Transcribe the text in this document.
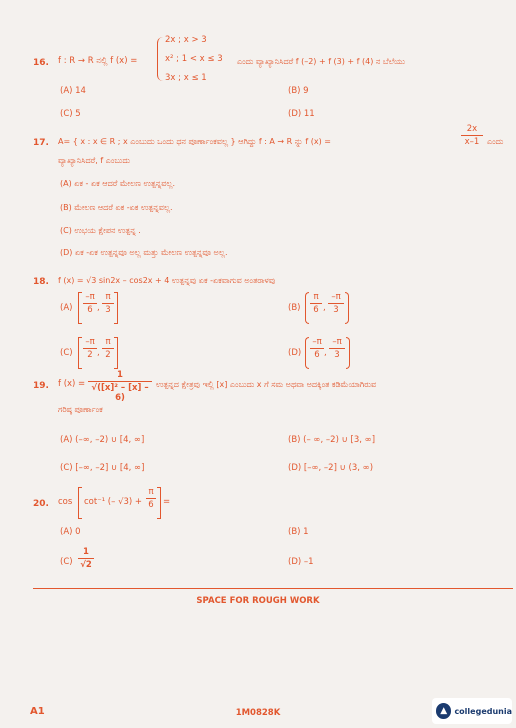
16. f : R → R ನಲ್ಲಿ f (x) =
2x ; x > 3
x² ; 1 < x ≤ 3
3x ; x ≤ 1
ಎಂದು ವ್ಯಾಖ್ಯಾನಿಸಿದರೆ f (–2) + f (3) + f (4) ನ ಬೆಲೆಯು
(A) 14	(B) 9
(C) 5	(D) 11
17. A= { x : x ∈ R ; x ಎಂಬುದು ಒಂದು ಧನ ಪೂರ್ಣಾಂಕವಲ್ಲ } ಆಗಿದ್ದು f : A → R ನ್ನು f (x) =
2x
x–1 ಎಂದು
ವ್ಯಾಖ್ಯಾನಿಸಿದರೆ, f ಎಂಬುದು
(A) ಏಕ - ಏಕ ಆದರೆ ಮೇಲಣ ಉತ್ಪನ್ನವಲ್ಲ.
(B) ಮೇಲಣ ಆದರೆ ಏಕ -ಏಕ ಉತ್ಪನ್ನವಲ್ಲ.
(C) ಉಭಯ ಕ್ಷೇಪನ ಉತ್ಪನ್ನ .
(D) ಏಕ -ಏಕ ಉತ್ಪನ್ನವೂ ಅಲ್ಲ ಮತ್ತು ಮೇಲಣ ಉತ್ಪನ್ನವೂ ಅಲ್ಲ.
18. f (x) = √3 sin2x – cos2x + 4 ಉತ್ಪನ್ನವು ಏಕ -ಏಕವಾಗುವ ಅಂತರಾಳವು
(A)
–π
6 ,
π
3	(B)
π
6 ,
–π
3
(C)
–π
2 ,
π
2	(D)
–π
6 ,
–π
3
19. f (x) =
1
√([x]² – [x] – 6)
ಉತ್ಪನ್ನದ ಕ್ಷೇತ್ರವು ಇಲ್ಲಿ [x] ಎಂಬುದು x ಗೆ ಸಮ ಅಥವಾ ಅದಕ್ಕಿಂತ ಕಡಿಮೆಯಾಗಿರುವ
ಗರಿಷ್ಠ ಪೂರ್ಣಾಂಕ
(A) (–∞, –2) ∪ [4, ∞]	(B) (– ∞, –2) ∪ [3, ∞]
(C) [–∞, –2] ∪ [4, ∞]	(D) [–∞, –2] ∪ (3, ∞)
20. cos cot⁻¹ (– √3) +
π
6 =
(A) 0	(B) 1
(C)
1
√2	(D) –1
SPACE FOR ROUGH WORK
A1	1M0828K	▲ collegedunia
